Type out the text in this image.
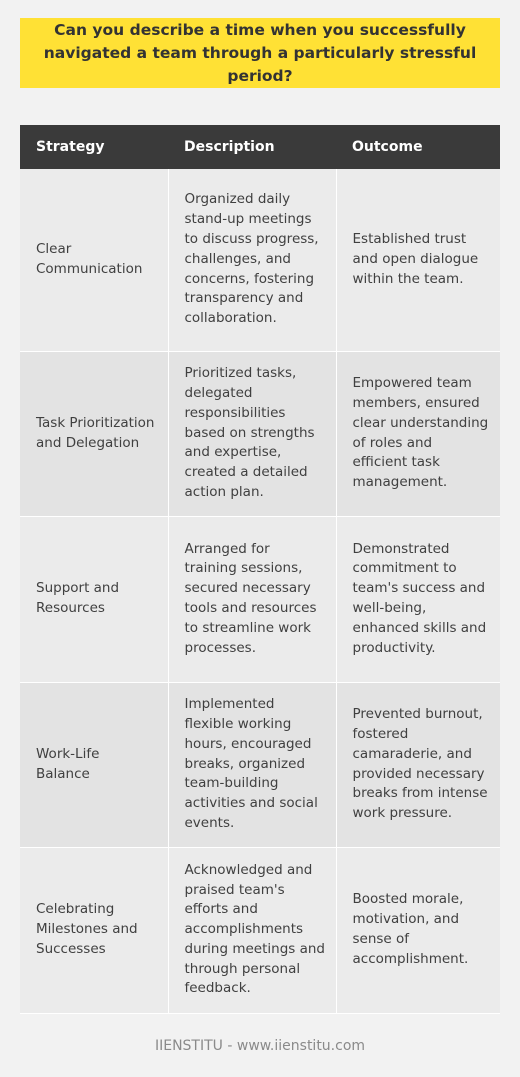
Can you describe a time when you successfully navigated a team through a particularly stressful period?
Strategy	Description	Outcome
Clear Communication	Organized daily stand-up meetings to discuss progress, challenges, and concerns, fostering transparency and collaboration.	Established trust and open dialogue within the team.
Task Prioritization and Delegation	Prioritized tasks, delegated responsibilities based on strengths and expertise, created a detailed action plan.	Empowered team members, ensured clear understanding of roles and efficient task management.
Support and Resources	Arranged for training sessions, secured necessary tools and resources to streamline work processes.	Demonstrated commitment to team's success and well-being, enhanced skills and productivity.
Work-Life Balance	Implemented flexible working hours, encouraged breaks, organized team-building activities and social events.	Prevented burnout, fostered camaraderie, and provided necessary breaks from intense work pressure.
Celebrating Milestones and Successes	Acknowledged and praised team's efforts and accomplishments during meetings and through personal feedback.	Boosted morale, motivation, and sense of accomplishment.
IIENSTITU - www.iienstitu.com
